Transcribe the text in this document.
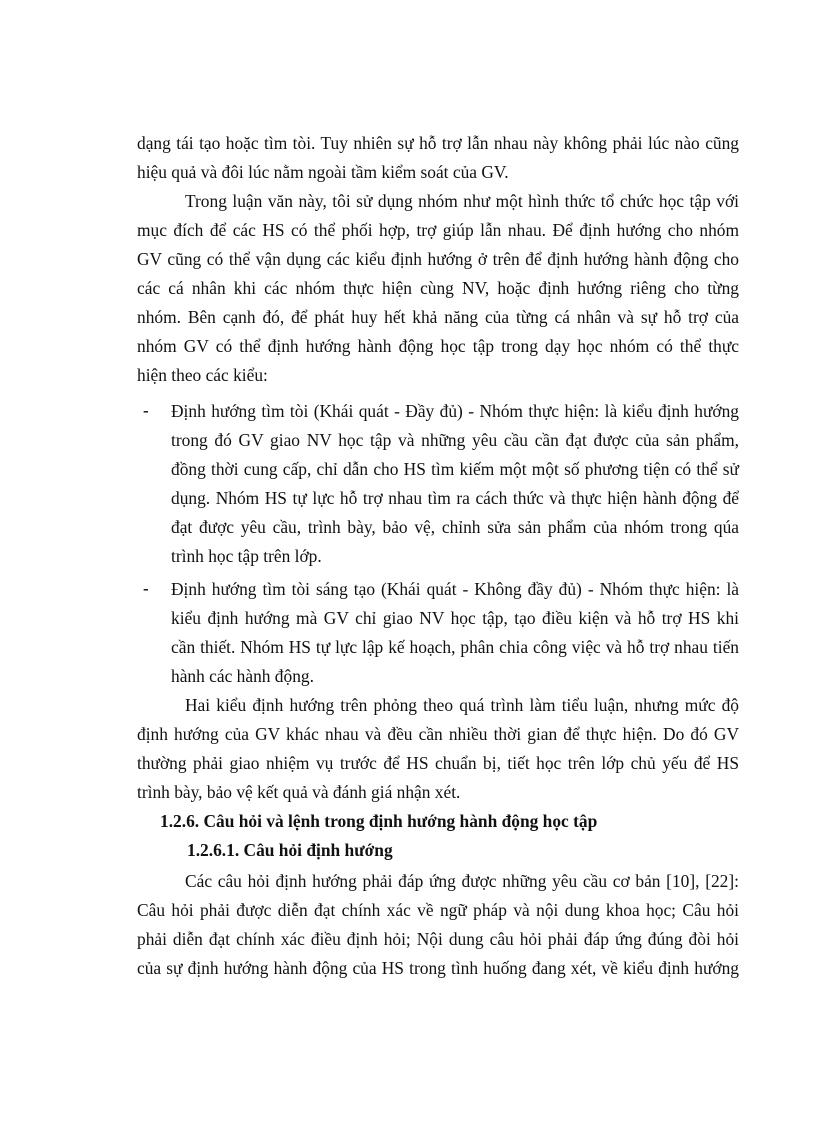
dạng tái tạo hoặc tìm tòi. Tuy nhiên sự hỗ trợ lẫn nhau này không phải lúc nào cũng
hiệu quả và đôi lúc nằm ngoài tầm kiểm soát của GV.
Trong luận văn này, tôi sử dụng nhóm như một hình thức tổ chức học tập với
mục đích để các HS có thể phối hợp, trợ giúp lẫn nhau. Để định hướng cho nhóm
GV cũng có thể vận dụng các kiểu định hướng ở trên để định hướng hành động cho
các cá nhân khi các nhóm thực hiện cùng NV, hoặc định hướng riêng cho từng
nhóm. Bên cạnh đó, để phát huy hết khả năng của từng cá nhân và sự hỗ trợ của
nhóm GV có thể định hướng hành động học tập trong dạy học nhóm có thể thực
hiện theo các kiểu:
-	Định hướng tìm tòi (Khái quát - Đầy đủ) - Nhóm thực hiện: là kiểu định hướng
trong đó GV giao NV học tập và những yêu cầu cần đạt được của sản phẩm,
đồng thời cung cấp, chỉ dẫn cho HS tìm kiếm một một số phương tiện có thể sử
dụng. Nhóm HS tự lực hỗ trợ nhau tìm ra cách thức và thực hiện hành động để
đạt được yêu cầu, trình bày, bảo vệ, chỉnh sửa sản phẩm của nhóm trong qúa
trình học tập trên lớp.
-	Định hướng tìm tòi sáng tạo (Khái quát - Không đầy đủ) - Nhóm thực hiện: là
kiểu định hướng mà GV chỉ giao NV học tập, tạo điều kiện và hỗ trợ HS khi
cần thiết. Nhóm HS tự lực lập kế hoạch, phân chia công việc và hỗ trợ nhau tiến
hành các hành động.
Hai kiểu định hướng trên phỏng theo quá trình làm tiểu luận, nhưng mức độ
định hướng của GV khác nhau và đều cần nhiều thời gian để thực hiện. Do đó GV
thường phải giao nhiệm vụ trước để HS chuẩn bị, tiết học trên lớp chủ yếu để HS
trình bày, bảo vệ kết quả và đánh giá nhận xét.
1.2.6. Câu hỏi và lệnh trong định hướng hành động học tập
1.2.6.1. Câu hỏi định hướng
Các câu hỏi định hướng phải đáp ứng được những yêu cầu cơ bản [10], [22]:
Câu hỏi phải được diễn đạt chính xác về ngữ pháp và nội dung khoa học; Câu hỏi
phải diễn đạt chính xác điều định hỏi; Nội dung câu hỏi phải đáp ứng đúng đòi hỏi
của sự định hướng hành động của HS trong tình huống đang xét, về kiểu định hướng
